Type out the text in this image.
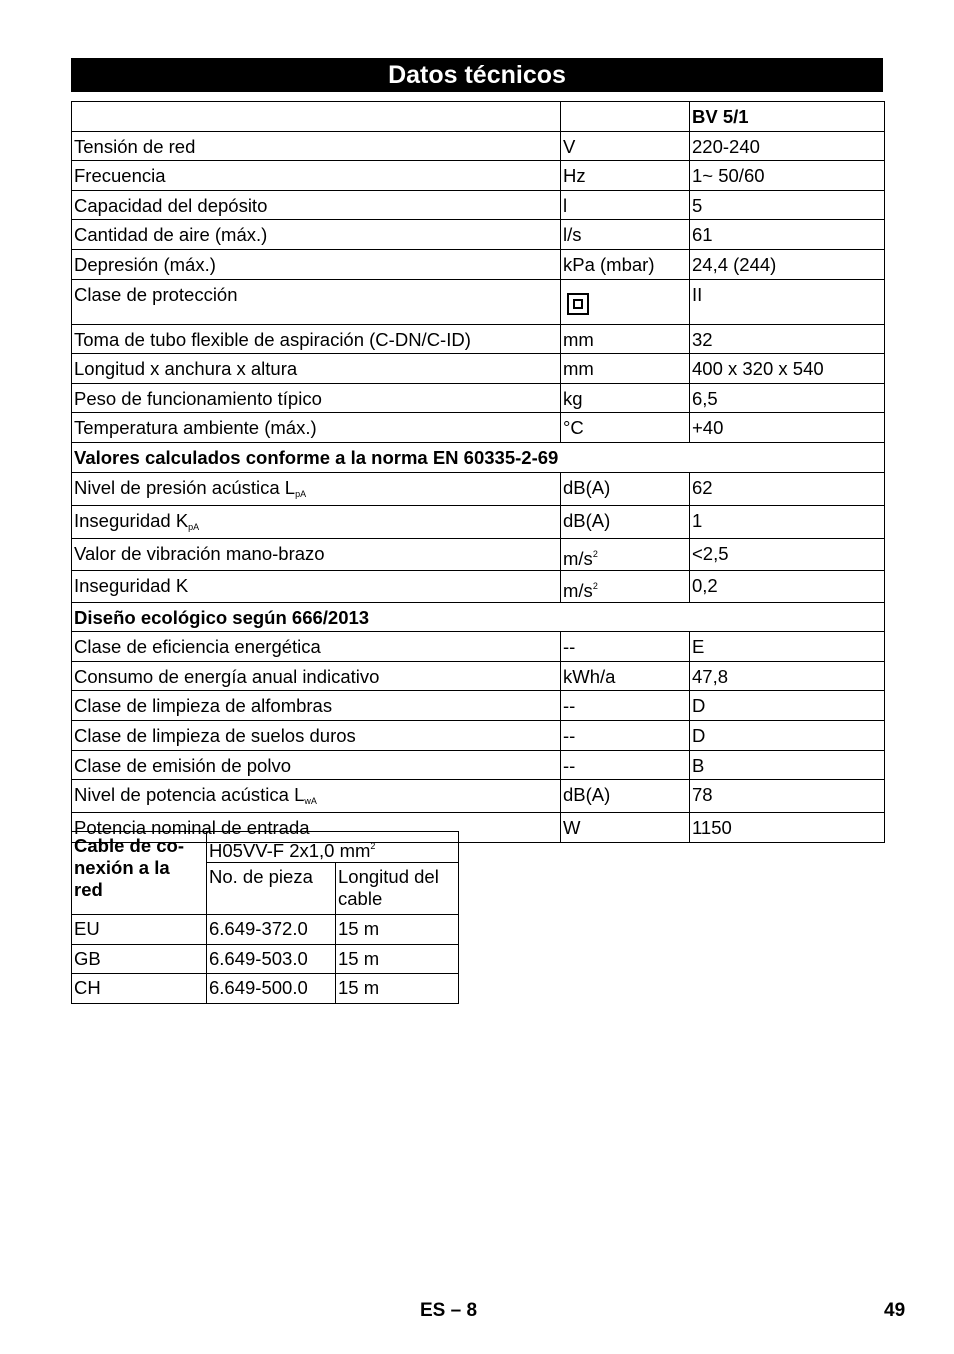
Datos técnicos
		BV 5/1
Tensión de red	V	220-240
Frecuencia	Hz	1~ 50/60
Capacidad del depósito	l	5
Cantidad de aire (máx.)	l/s	61
Depresión (máx.)	kPa (mbar)	24,4 (244)
Clase de protección		II
Toma de tubo flexible de aspiración (C-DN/C-ID)	mm	32
Longitud x anchura x altura	mm	400 x 320 x 540
Peso de funcionamiento típico	kg	6,5
Temperatura ambiente (máx.)	°C	+40
Valores calculados conforme a la norma EN 60335-2-69		
Nivel de presión acústica $L_{pA}$	dB(A)	62
Inseguridad $K_{pA}$	dB(A)	1
Valor de vibración mano-brazo	$m/s^2$	<2,5
Inseguridad K	$m/s^2$	0,2
Diseño ecológico según 666/2013		
Clase de eficiencia energética	--	E
Consumo de energía anual indicativo	kWh/a	47,8
Clase de limpieza de alfombras	--	D
Clase de limpieza de suelos duros	--	D
Clase de emisión de polvo	--	B
Nivel de potencia acústica $L_{wA}$	dB(A)	78
Potencia nominal de entrada	W	1150
Cable de co-
nexión a la
red	H05VV-F 2x1,0 $mm^2$
	No. de pieza	Longitud del
cable

EU	6.649-372.0	15 m
GB	6.649-503.0	15 m
CH	6.649-500.0	15 m
ES – 8	49
